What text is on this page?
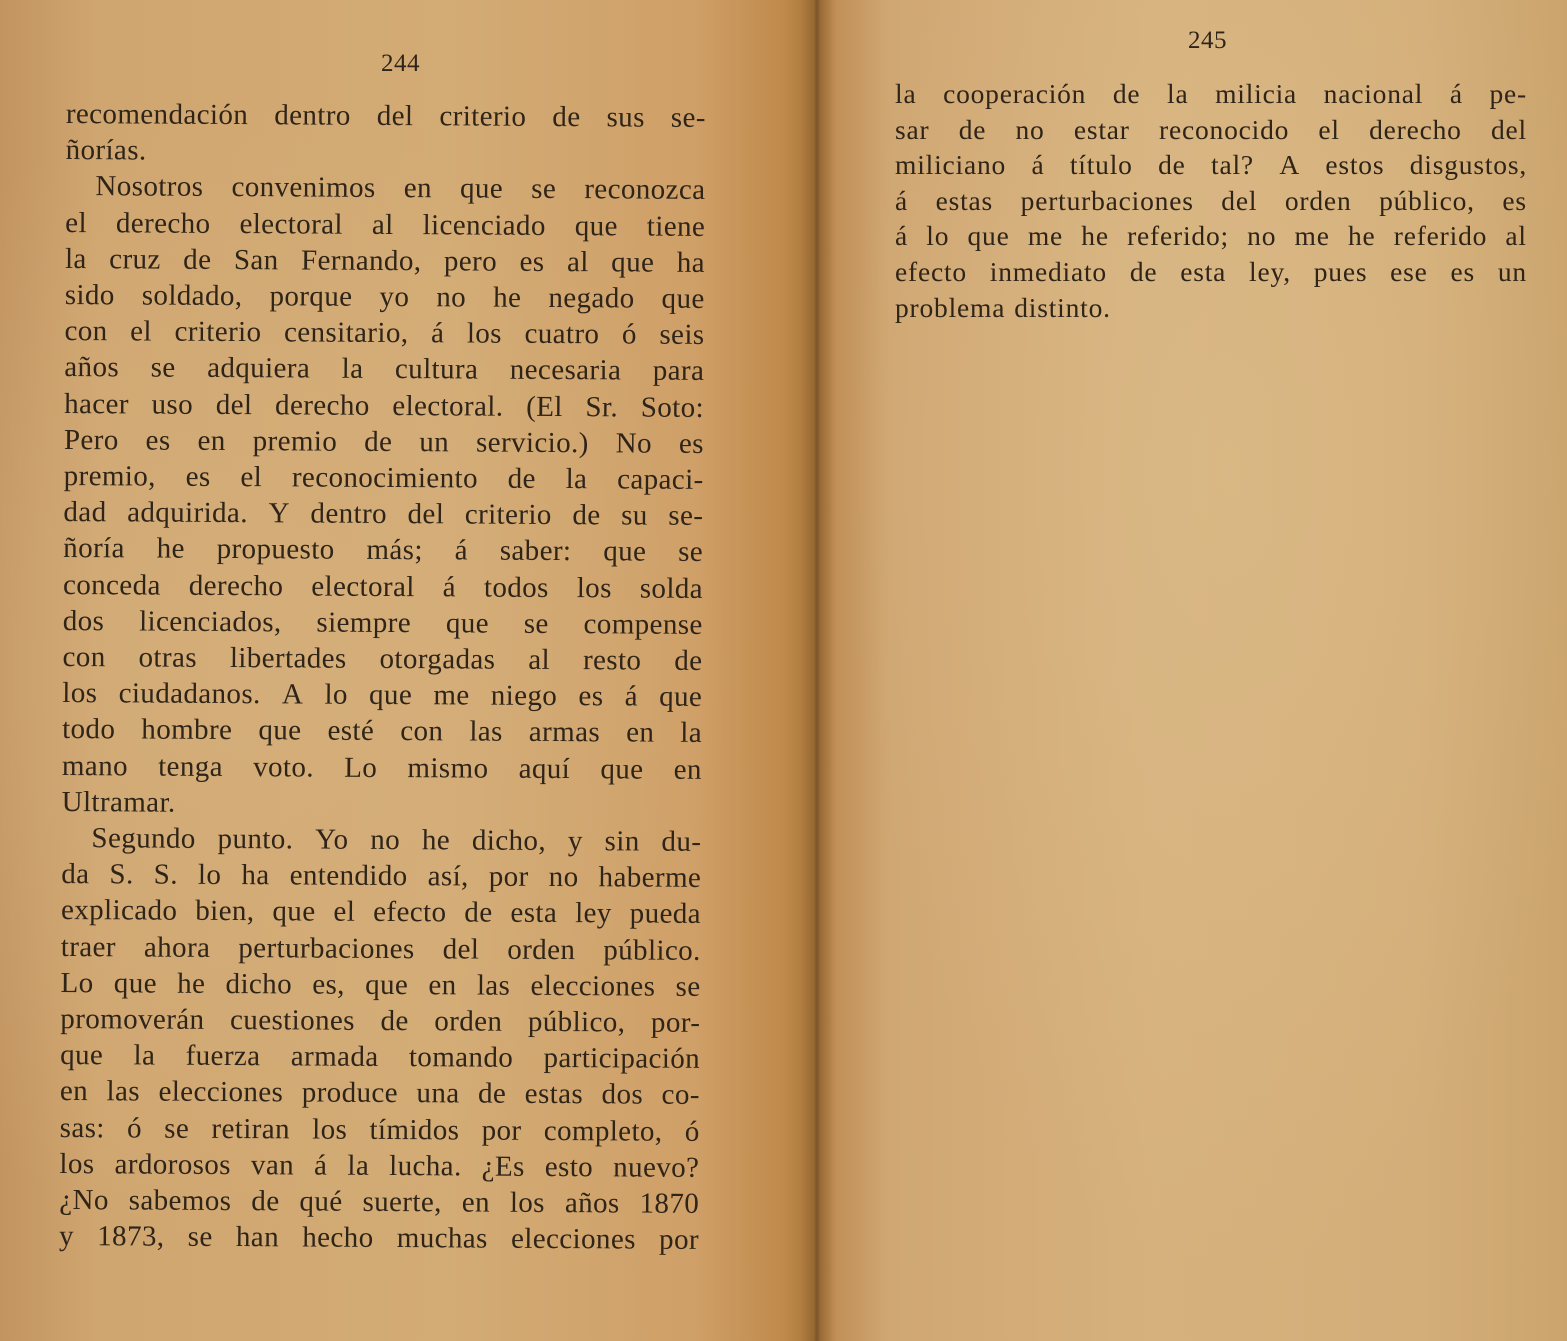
244
recomendación dentro del criterio de sus se-
ñorías.
Nosotros convenimos en que se reconozca
el derecho electoral al licenciado que tiene
la cruz de San Fernando, pero es al que ha
sido soldado, porque yo no he negado que
con el criterio censitario, á los cuatro ó seis
años se adquiera la cultura necesaria para
hacer uso del derecho electoral. (El Sr. Soto:
Pero es en premio de un servicio.) No es
premio, es el reconocimiento de la capaci-
dad adquirida. Y dentro del criterio de su se-
ñoría he propuesto más; á saber: que se
conceda derecho electoral á todos los solda
dos licenciados, siempre que se compense
con otras libertades otorgadas al resto de
los ciudadanos. A lo que me niego es á que
todo hombre que esté con las armas en la
mano tenga voto. Lo mismo aquí que en
Ultramar.
Segundo punto. Yo no he dicho, y sin du-
da S. S. lo ha entendido así, por no haberme
explicado bien, que el efecto de esta ley pueda
traer ahora perturbaciones del orden público.
Lo que he dicho es, que en las elecciones se
promoverán cuestiones de orden público, por-
que la fuerza armada tomando participación
en las elecciones produce una de estas dos co-
sas: ó se retiran los tímidos por completo, ó
los ardorosos van á la lucha. ¿Es esto nuevo?
¿No sabemos de qué suerte, en los años 1870
y 1873, se han hecho muchas elecciones por
245
la cooperación de la milicia nacional á pe-
sar de no estar reconocido el derecho del
miliciano á título de tal? A estos disgustos,
á estas perturbaciones del orden público, es
á lo que me he referido; no me he referido al
efecto inmediato de esta ley, pues ese es un
problema distinto.
